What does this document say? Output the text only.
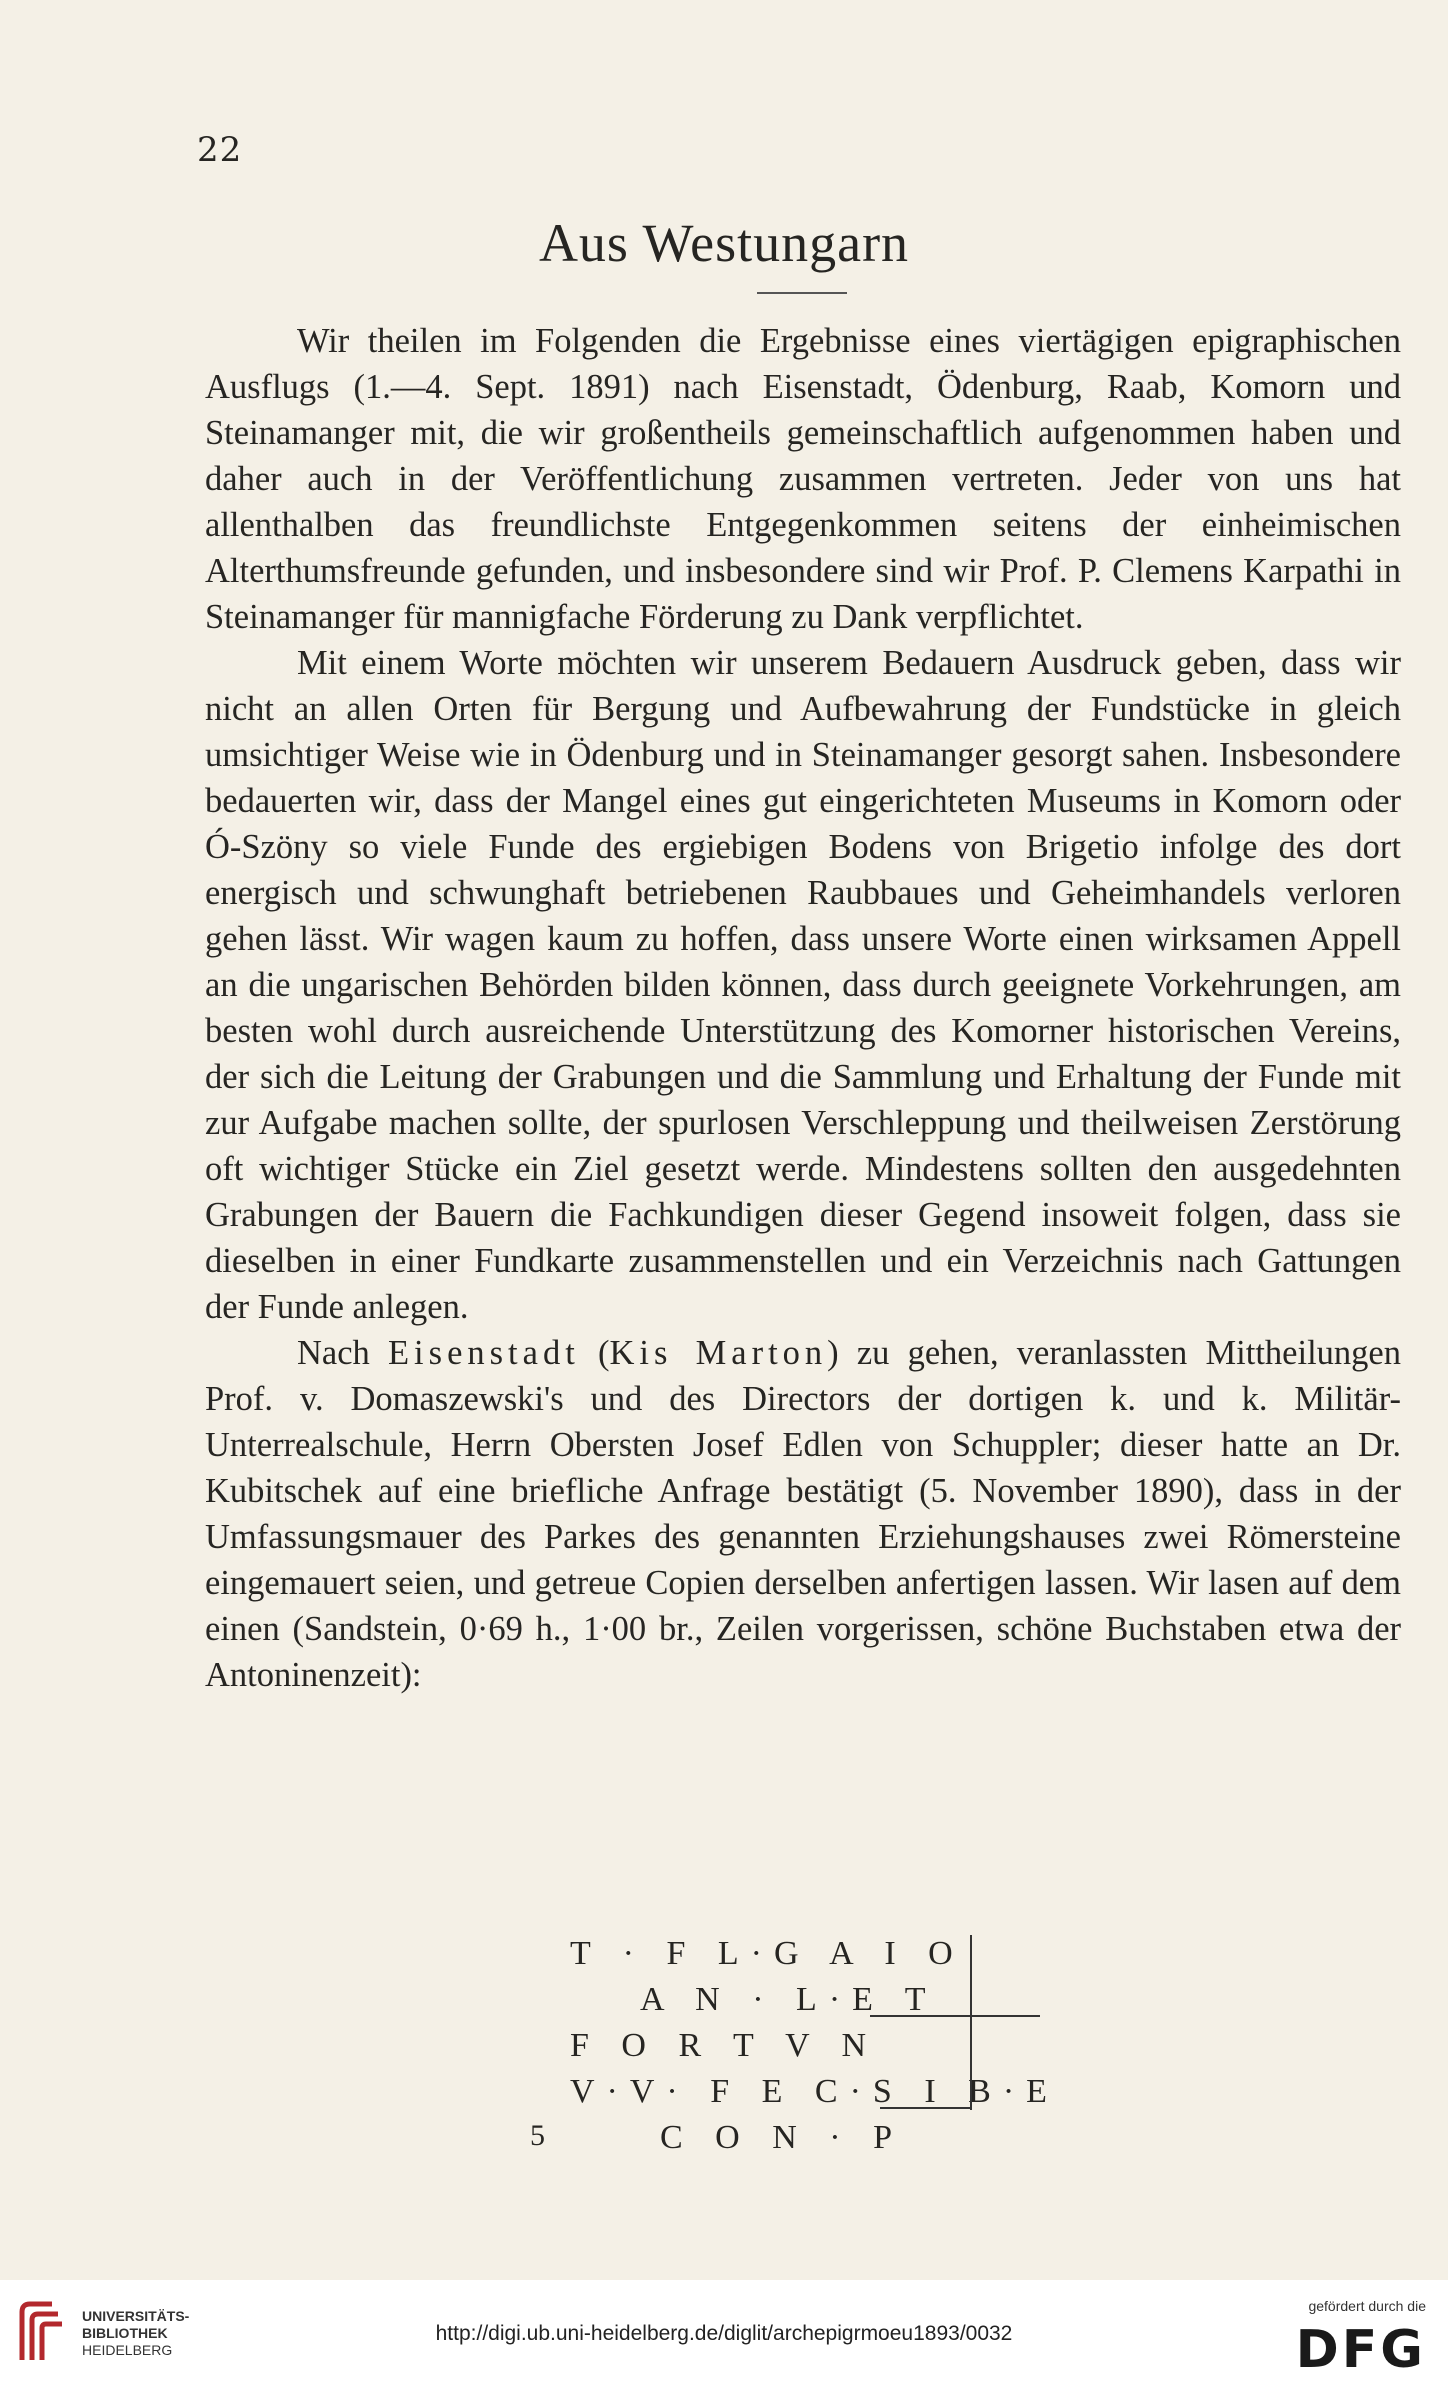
22
Aus Westungarn

Wir theilen im Folgenden die Ergebnisse eines viertägigen epigraphischen Ausflugs (1.—4. Sept. 1891) nach Eisenstadt, Ödenburg, Raab, Komorn und Steinamanger mit, die wir großentheils gemeinschaftlich aufgenommen haben und daher auch in der Veröffentlichung zusammen vertreten. Jeder von uns hat allenthalben das freundlichste Entgegenkommen seitens der einheimischen Alterthumsfreunde gefunden, und insbesondere sind wir Prof. P. Clemens Karpathi in Steinamanger für mannigfache Förderung zu Dank verpflichtet.

Mit einem Worte möchten wir unserem Bedauern Ausdruck geben, dass wir nicht an allen Orten für Bergung und Aufbewahrung der Fundstücke in gleich umsichtiger Weise wie in Ödenburg und in Steinamanger gesorgt sahen. Insbesondere bedauerten wir, dass der Mangel eines gut eingerichteten Museums in Komorn oder Ó-Szöny so viele Funde des ergiebigen Bodens von Brigetio infolge des dort energisch und schwunghaft betriebenen Raubbaues und Geheimhandels verloren gehen lässt. Wir wagen kaum zu hoffen, dass unsere Worte einen wirksamen Appell an die ungarischen Behörden bilden können, dass durch geeignete Vorkehrungen, am besten wohl durch ausreichende Unterstützung des Komorner historischen Vereins, der sich die Leitung der Grabungen und die Sammlung und Erhaltung der Funde mit zur Aufgabe machen sollte, der spurlosen Verschleppung und theilweisen Zerstörung oft wichtiger Stücke ein Ziel gesetzt werde. Mindestens sollten den ausgedehnten Grabungen der Bauern die Fachkundigen dieser Gegend insoweit folgen, dass sie dieselben in einer Fundkarte zusammenstellen und ein Verzeichnis nach Gattungen der Funde anlegen.

Nach Eisenstadt (Kis Marton) zu gehen, veranlassten Mittheilungen Prof. v. Domaszewski's und des Directors der dortigen k. und k. Militär-Unterrealschule, Herrn Obersten Josef Edlen von Schuppler; dieser hatte an Dr. Kubitschek auf eine briefliche Anfrage bestätigt (5. November 1890), dass in der Umfassungsmauer des Parkes des genannten Erziehungshauses zwei Römersteine eingemauert seien, und getreue Copien derselben anfertigen lassen. Wir lasen auf dem einen (Sandstein, 0·69 h., 1·00 br., Zeilen vorgerissen, schöne Buchstaben etwa der Antoninenzeit):

T · F L·G A I O
A N · L·E T
F O R T V N
V·V· F E C·S I B·E
5	C O N · P
UNIVERSITÄTS-
BIBLIOTHEK
HEIDELBERG
http://digi.ub.uni-heidelberg.de/diglit/archepigrmoeu1893/0032
gefördert durch die
DFG
